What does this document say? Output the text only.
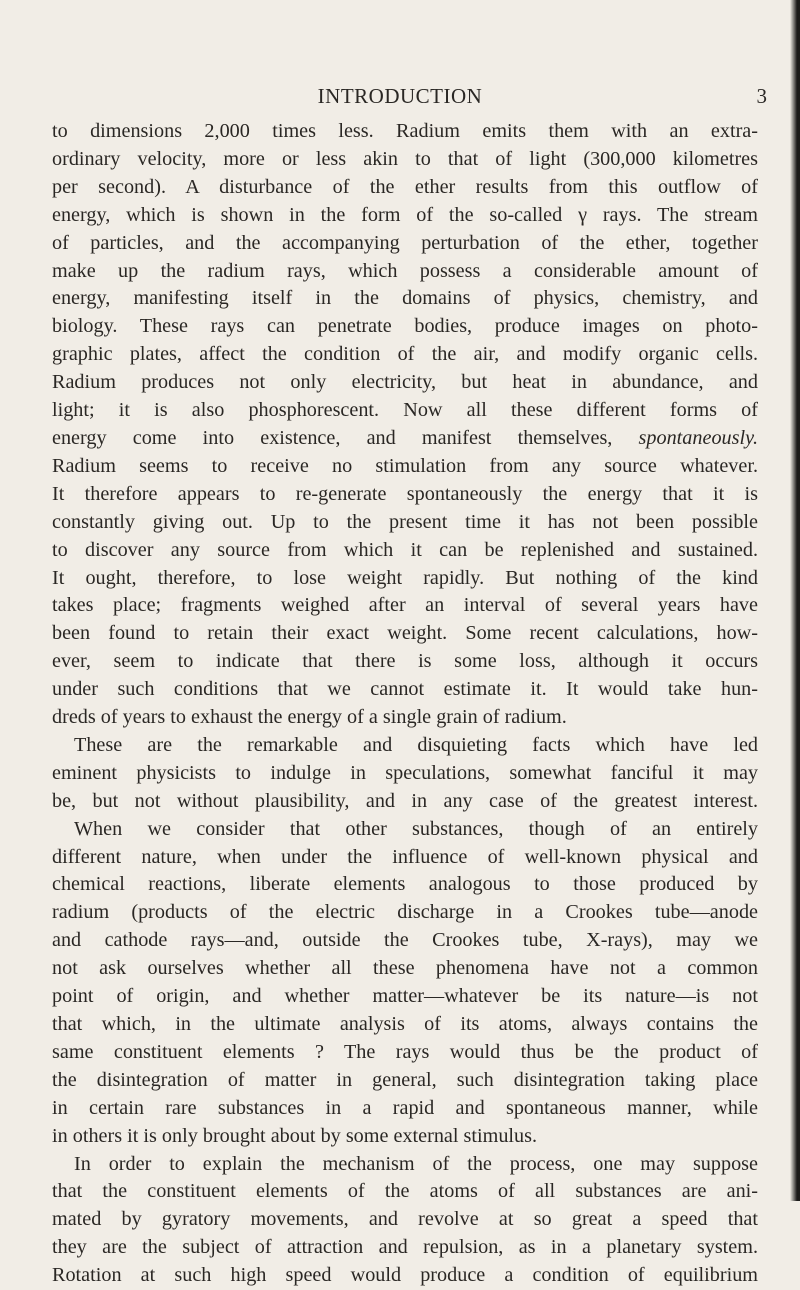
INTRODUCTION	3
to dimensions 2,000 times less. Radium emits them with an extra-
ordinary velocity, more or less akin to that of light (300,000 kilometres
per second). A disturbance of the ether results from this outflow of
energy, which is shown in the form of the so-called γ rays. The stream
of particles, and the accompanying perturbation of the ether, together
make up the radium rays, which possess a considerable amount of
energy, manifesting itself in the domains of physics, chemistry, and
biology. These rays can penetrate bodies, produce images on photo-
graphic plates, affect the condition of the air, and modify organic cells.
Radium produces not only electricity, but heat in abundance, and
light; it is also phosphorescent. Now all these different forms of
energy come into existence, and manifest themselves, spontaneously.
Radium seems to receive no stimulation from any source whatever.
It therefore appears to re-generate spontaneously the energy that it is
constantly giving out. Up to the present time it has not been possible
to discover any source from which it can be replenished and sustained.
It ought, therefore, to lose weight rapidly. But nothing of the kind
takes place; fragments weighed after an interval of several years have
been found to retain their exact weight. Some recent calculations, how-
ever, seem to indicate that there is some loss, although it occurs
under such conditions that we cannot estimate it. It would take hun-
dreds of years to exhaust the energy of a single grain of radium.
These are the remarkable and disquieting facts which have led
eminent physicists to indulge in speculations, somewhat fanciful it may
be, but not without plausibility, and in any case of the greatest interest.
When we consider that other substances, though of an entirely
different nature, when under the influence of well-known physical and
chemical reactions, liberate elements analogous to those produced by
radium (products of the electric discharge in a Crookes tube—anode
and cathode rays—and, outside the Crookes tube, X-rays), may we
not ask ourselves whether all these phenomena have not a common
point of origin, and whether matter—whatever be its nature—is not
that which, in the ultimate analysis of its atoms, always contains the
same constituent elements ? The rays would thus be the product of
the disintegration of matter in general, such disintegration taking place
in certain rare substances in a rapid and spontaneous manner, while
in others it is only brought about by some external stimulus.
In order to explain the mechanism of the process, one may suppose
that the constituent elements of the atoms of all substances are ani-
mated by gyratory movements, and revolve at so great a speed that
they are the subject of attraction and repulsion, as in a planetary system.
Rotation at such high speed would produce a condition of equilibrium
